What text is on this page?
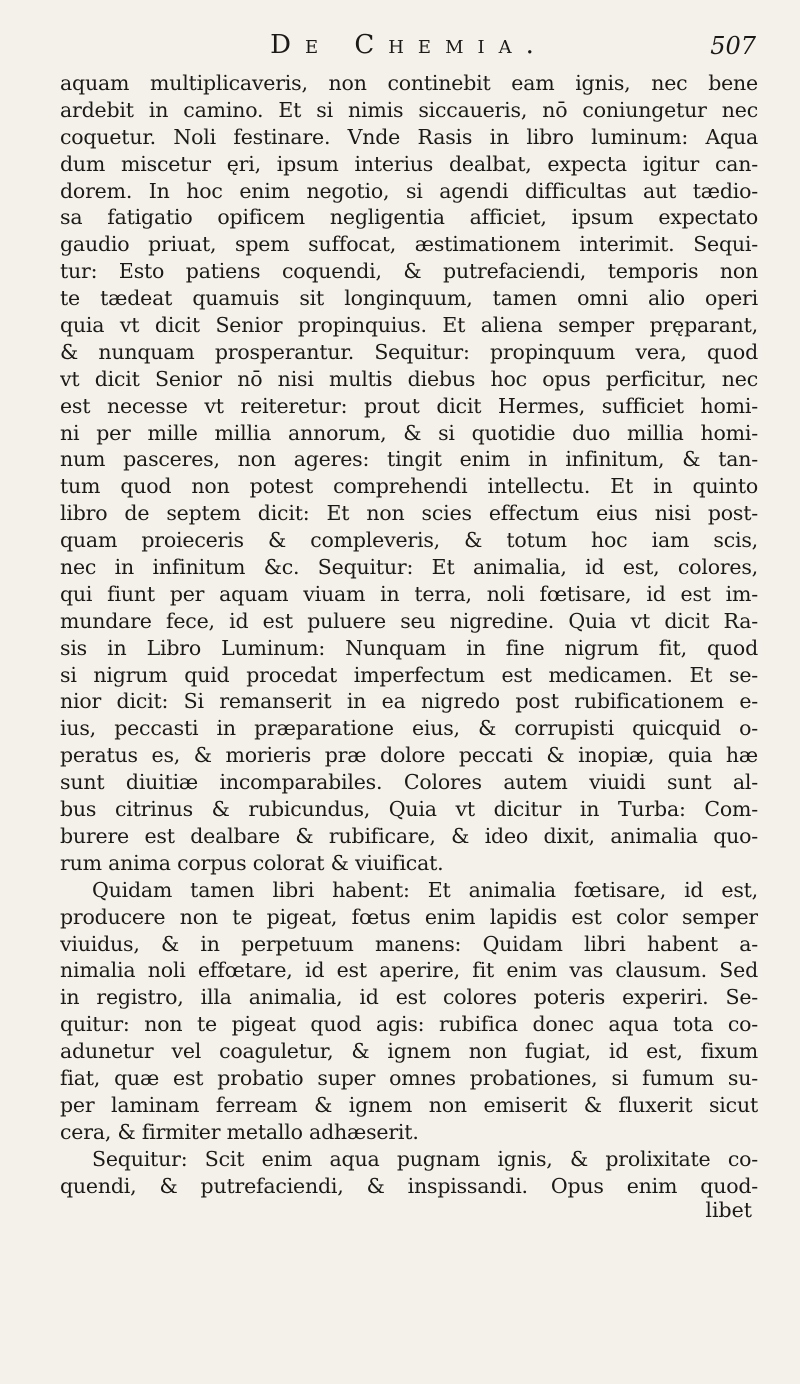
De Chemia.	507
aquam multiplicaveris, non continebit eam ignis, nec bene
ardebit in camino. Et si nimis siccaueris, nō coniungetur nec
coquetur. Noli festinare. Vnde Rasis in libro luminum: Aqua
dum miscetur ęri, ipsum interius dealbat, expecta igitur can-
dorem. In hoc enim negotio, si agendi difficultas aut tædio-
sa fatigatio opificem negligentia afficiet, ipsum expectato
gaudio priuat, spem suffocat, æstimationem interimit. Sequi-
tur: Esto patiens coquendi, & putrefaciendi, temporis non
te tædeat quamuis sit longinquum, tamen omni alio operi
quia vt dicit Senior propinquius. Et aliena semper pręparant,
& nunquam prosperantur. Sequitur: propinquum vera, quod
vt dicit Senior nō nisi multis diebus hoc opus perficitur, nec
est necesse vt reiteretur: prout dicit Hermes, sufficiet homi-
ni per mille millia annorum, & si quotidie duo millia homi-
num pasceres, non ageres: tingit enim in infinitum, & tan-
tum quod non potest comprehendi intellectu. Et in quinto
libro de septem dicit: Et non scies effectum eius nisi post-
quam proieceris & compleveris, & totum hoc iam scis,
nec in infinitum &c. Sequitur: Et animalia, id est, colores,
qui fiunt per aquam viuam in terra, noli fœtisare, id est im-
mundare fece, id est puluere seu nigredine. Quia vt dicit Ra-
sis in Libro Luminum: Nunquam in fine nigrum fit, quod
si nigrum quid procedat imperfectum est medicamen. Et se-
nior dicit: Si remanserit in ea nigredo post rubificationem e-
ius, peccasti in præparatione eius, & corrupisti quicquid o-
peratus es, & morieris præ dolore peccati & inopiæ, quia hæ
sunt diuitiæ incomparabiles. Colores autem viuidi sunt al-
bus citrinus & rubicundus, Quia vt dicitur in Turba: Com-
burere est dealbare & rubificare, & ideo dixit, animalia quo-
rum anima corpus colorat & viuificat.
Quidam tamen libri habent: Et animalia fœtisare, id est,
producere non te pigeat, fœtus enim lapidis est color semper
viuidus, & in perpetuum manens: Quidam libri habent a-
nimalia noli effœtare, id est aperire, fit enim vas clausum. Sed
in registro, illa animalia, id est colores poteris experiri. Se-
quitur: non te pigeat quod agis: rubifica donec aqua tota co-
adunetur vel coaguletur, & ignem non fugiat, id est, fixum
fiat, quæ est probatio super omnes probationes, si fumum su-
per laminam ferream & ignem non emiserit & fluxerit sicut
cera, & firmiter metallo adhæserit.
Sequitur: Scit enim aqua pugnam ignis, & prolixitate co-
quendi, & putrefaciendi, & inspissandi. Opus enim quod-
libet
